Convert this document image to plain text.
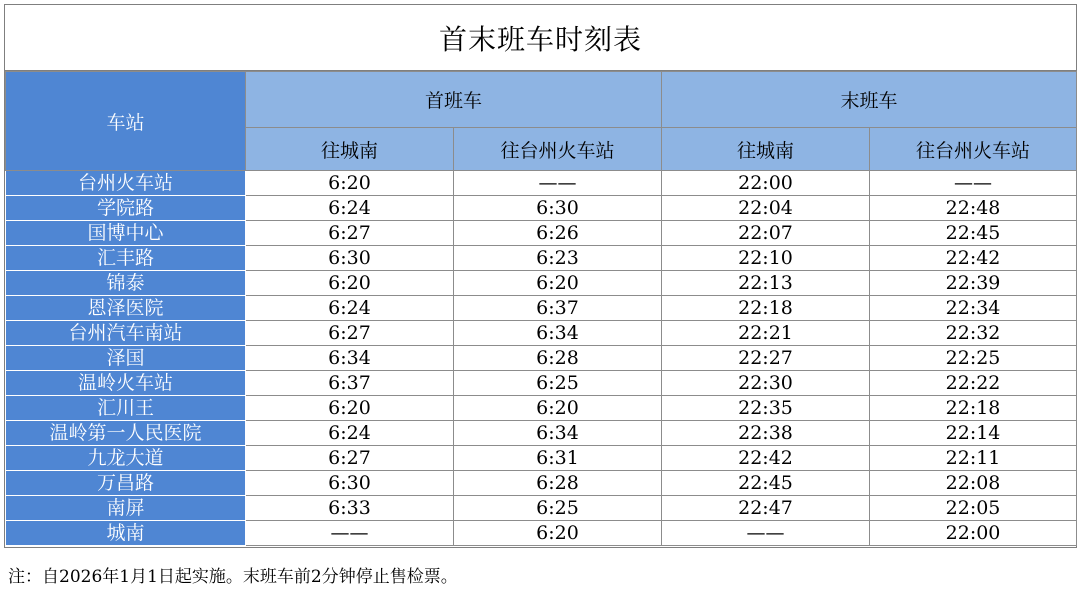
首末班车时刻表
车站	首班车		末班车	
	往城南	往台州火车站	往城南	往台州火车站
台州火车站	6:20	——	22:00	——
学院路	6:24	6:30	22:04	22:48
国博中心	6:27	6:26	22:07	22:45
汇丰路	6:30	6:23	22:10	22:42
锦泰	6:20	6:20	22:13	22:39
恩泽医院	6:24	6:37	22:18	22:34
台州汽车南站	6:27	6:34	22:21	22:32
泽国	6:34	6:28	22:27	22:25
温岭火车站	6:37	6:25	22:30	22:22
汇川王	6:20	6:20	22:35	22:18
温岭第一人民医院	6:24	6:34	22:38	22:14
九龙大道	6:27	6:31	22:42	22:11
万昌路	6:30	6:28	22:45	22:08
南屏	6:33	6:25	22:47	22:05
城南	——	6:20	——	22:00
注：自2026年1月1日起实施。末班车前2分钟停止售检票。
